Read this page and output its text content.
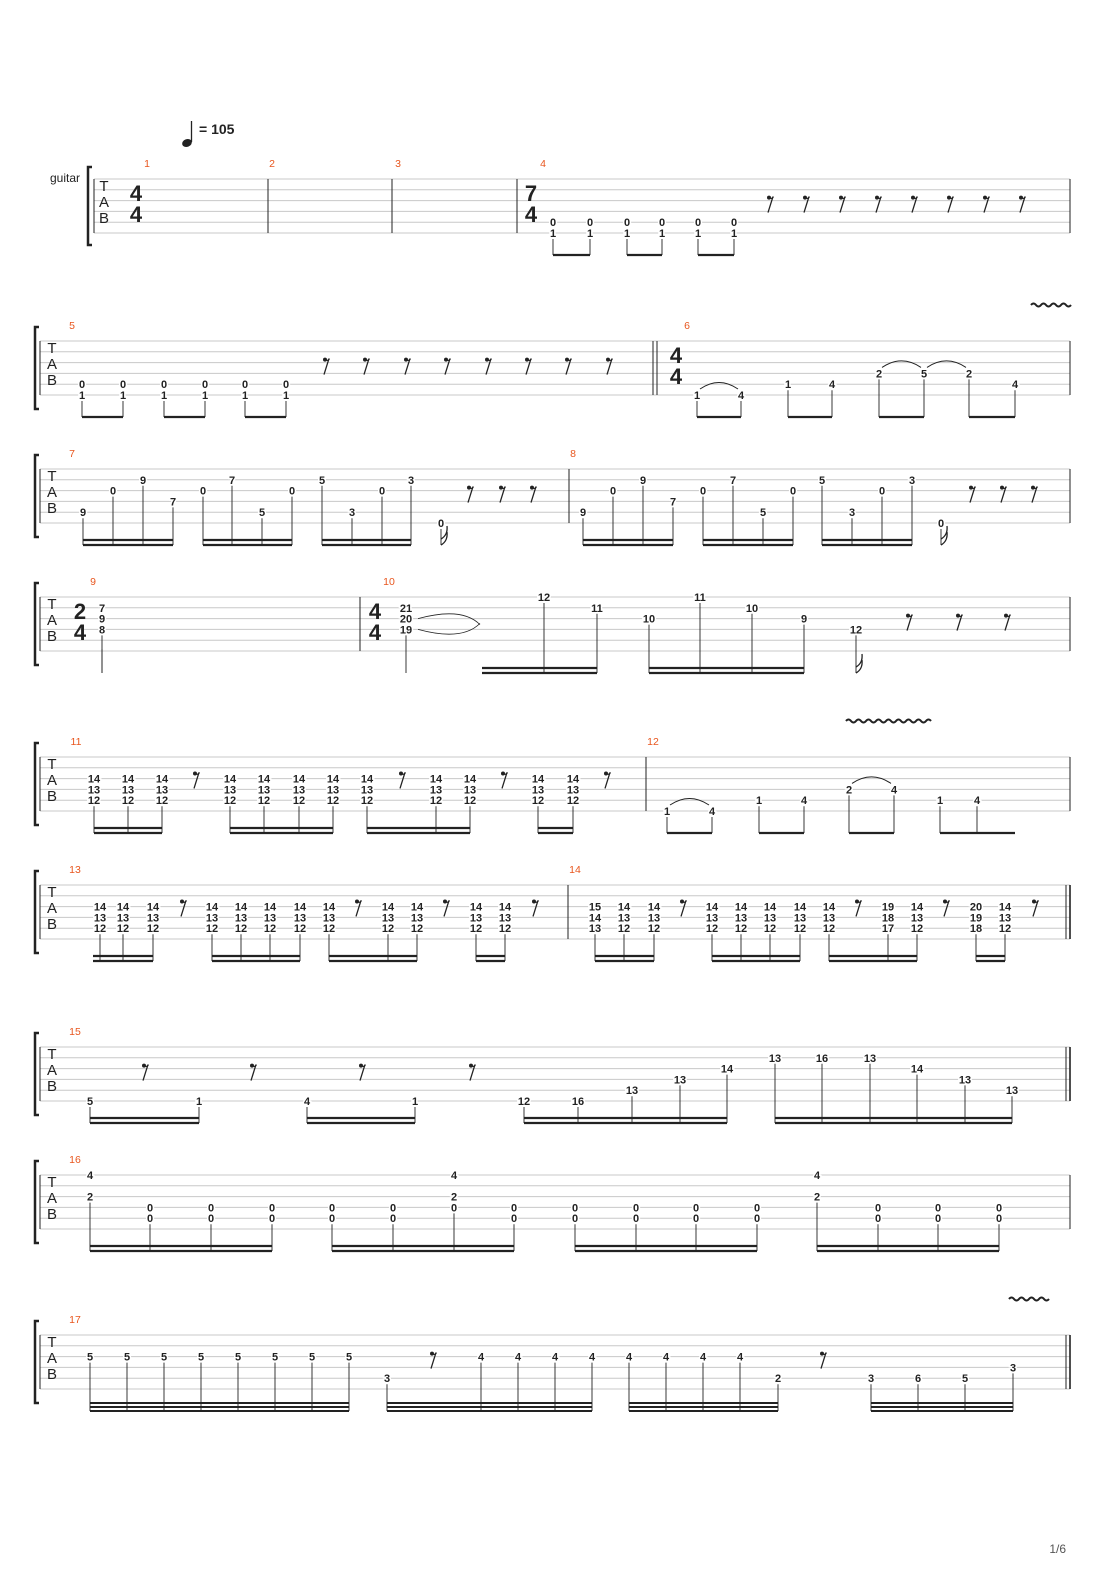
= 105
guitar T
A
B
1
4
4
2	3	4
7
4 0
1
0
1
0
1
0
1
0
1
0
1
T
A
B
5
0
1
0
1
0
1
0
1
0
1
0
1
6
4
4
1	4
1	4
2	5	2
4
T
A
B
7
9
0
9
7
0
7
5
0
5
3
0
3
0
8
9
0
9
7
0
7
5
0
5
3
0
3
0
T
A
B
9
2
4
7
9
8
10
4
4
21
20
19
12
11
10
11
10
9
12
T
A
B
11
14
13
12
14
13
12
14
13
12
14
13
12
14
13
12
14
13
12
14
13
12
14
13
12
14
13
12
14
13
12
14
13
12
14
13
12
12
1	4
1	4
2	4
1	4
T
A
B
13
14
13
12
14
13
12
14
13
12
14
13
12
14
13
12
14
13
12
14
13
12
14
13
12
14
13
12
14
13
12
14
13
12
14
13
12
14
15
14
13
14
13
12
14
13
12
14
13
12
14
13
12
14
13
12
14
13
12
14
13
12
19
18
17
14
13
12
20
19
18
14
13
12
T
A
B
15
5	1	4	1	12	16
13
13
14
13	16	13
14
13
13
T
A
B
16
4
2
0
0
0
0
0
0
0
0
0
0
4
2
0	0
0
0
0
0
0
0
0
0
0
4
2
0
0
0
0
0
0
T
A
B
17
5	5	5	5	5	5	5	5
3
4	4	4	4	4	4	4	4
2	3	6	5
3
1/6
